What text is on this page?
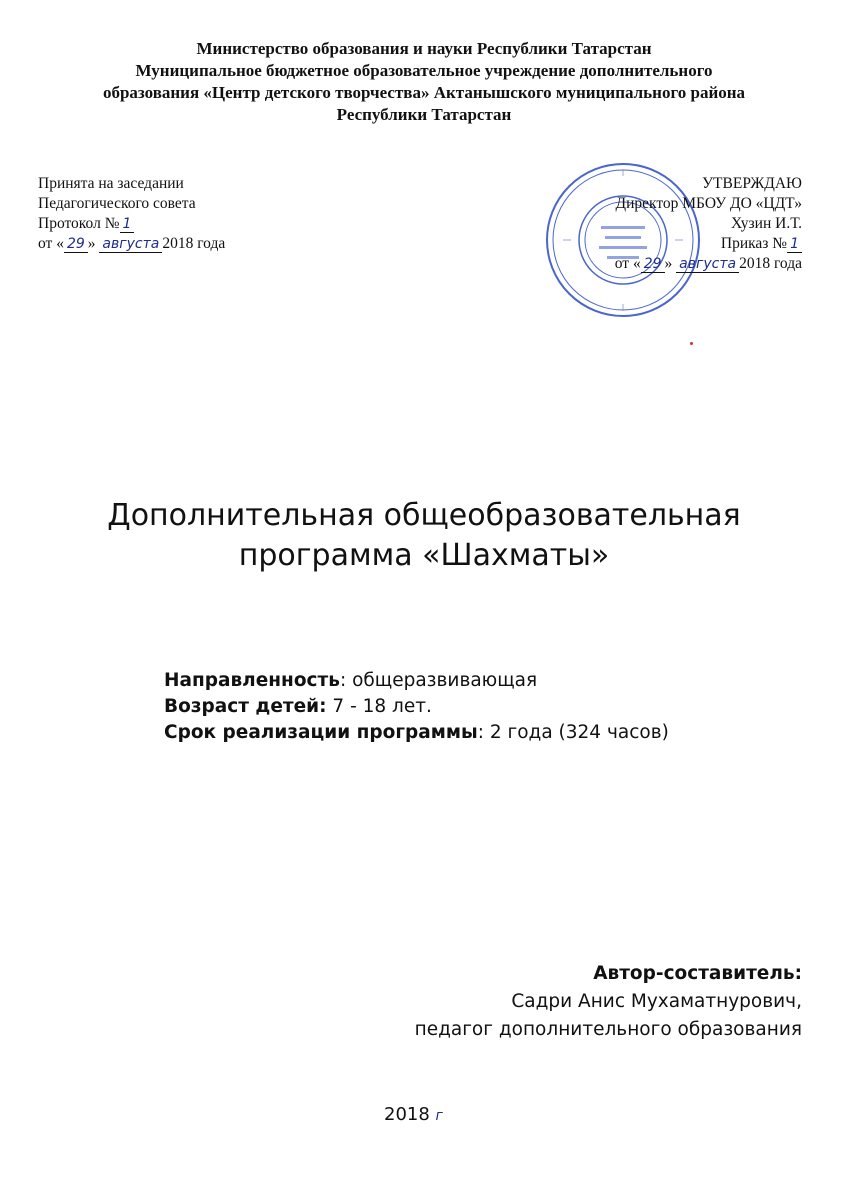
Министерство образования и науки Республики Татарстан
Муниципальное бюджетное образовательное учреждение дополнительного
образования «Центр детского творчества» Актанышского муниципального района
Республики Татарстан
Принята на заседании
Педагогического совета
Протокол № 1
от « 29 » августа 2018 года
УТВЕРЖДАЮ
Директор МБОУ ДО «ЦДТ»
Хузин И.Т.
Приказ № 1
от « 29 » августа 2018 года
Дополнительная общеобразовательная
программа «Шахматы»
Направленность: общеразвивающая
Возраст детей: 7 - 18 лет.
Срок реализации программы: 2 года (324 часов)
Автор-составитель:
Садри Анис Мухаматнурович,
педагог дополнительного образования
2018 г
